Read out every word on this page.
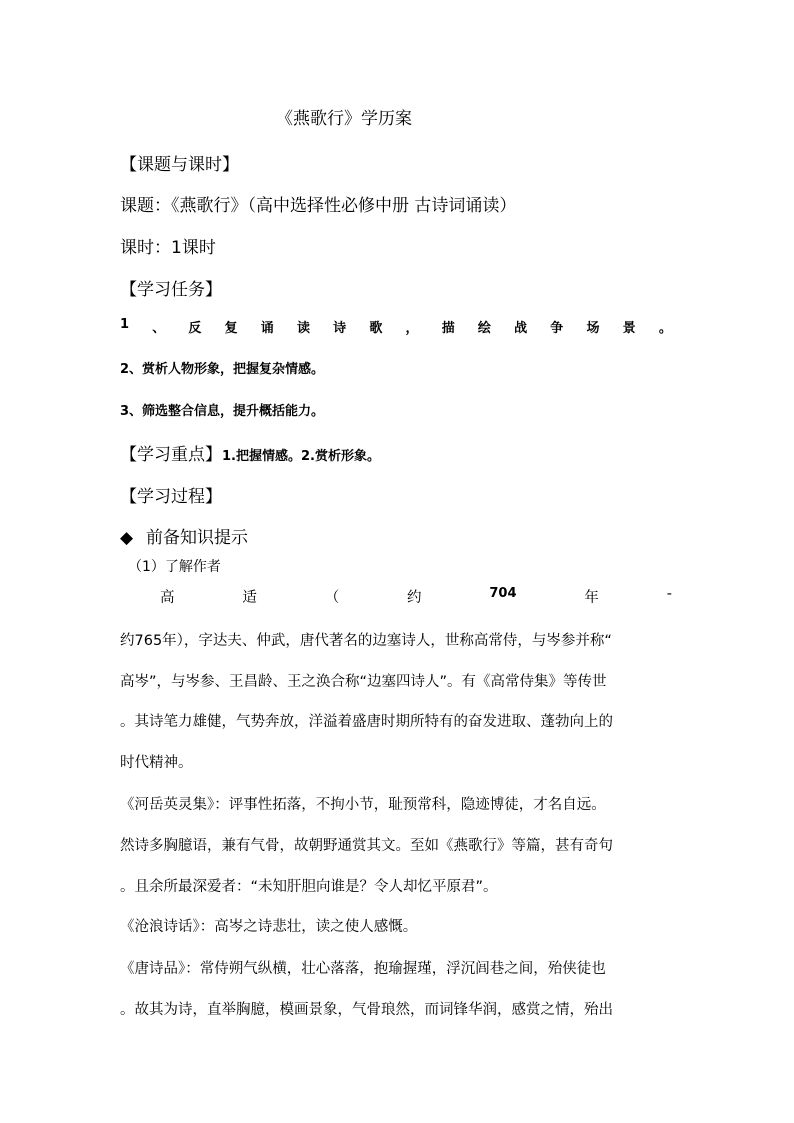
《燕歌行》学历案
【课题与课时】
课题：《燕歌行》（高中选择性必修中册 古诗词诵读）
课时：1课时
【学习任务】
1 、 反 复 诵 读 诗 歌 ， 描 绘 战 争 场 景 。
2、赏析人物形象，把握复杂情感。
3、筛选整合信息，提升概括能力。
【学习重点】1.把握情感。2.赏析形象。
【学习过程】
◆ 前备知识提示
（1）了解作者
高	适	（	约	704	年	-
约765年），字达夫、仲武，唐代著名的边塞诗人，世称高常侍，与岑参并称“
高岑”，与岑参、王昌龄、王之涣合称“边塞四诗人”。有《高常侍集》等传世
。其诗笔力雄健，气势奔放，洋溢着盛唐时期所特有的奋发进取、蓬勃向上的
时代精神。
《河岳英灵集》：评事性拓落，不拘小节，耻预常科，隐迹博徒，才名自远。
然诗多胸臆语，兼有气骨，故朝野通赏其文。至如《燕歌行》等篇，甚有奇句
。且余所最深爱者：“未知肝胆向谁是？令人却忆平原君”。
《沧浪诗话》：高岑之诗悲壮，读之使人感慨。
《唐诗品》：常侍朔气纵横，壮心落落，抱瑜握瑾，浮沉闾巷之间，殆侠徒也
。故其为诗，直举胸臆，模画景象，气骨琅然，而词锋华润，感赏之情，殆出
